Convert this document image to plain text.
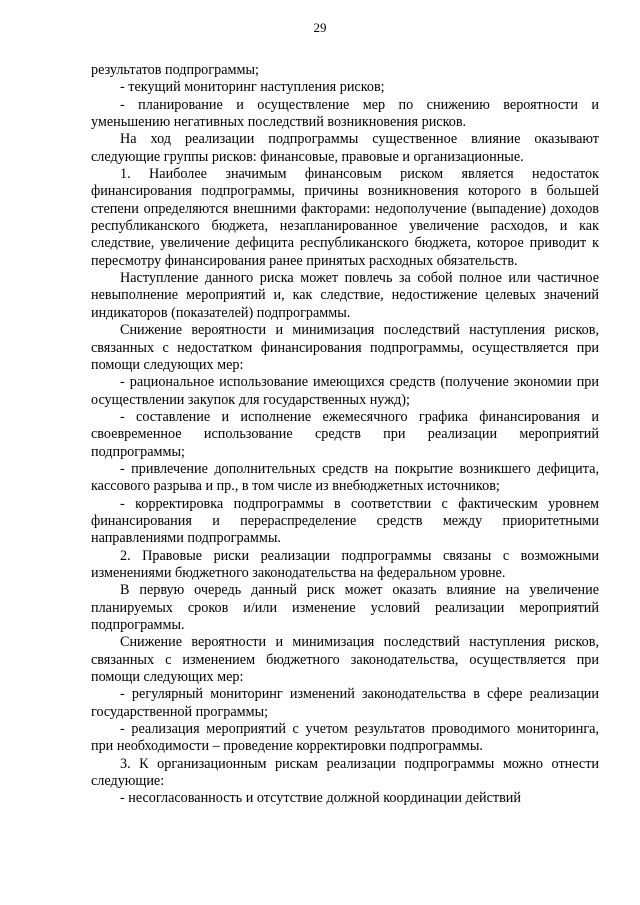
29

результатов подпрограммы;

- текущий мониторинг наступления рисков;

- планирование и осуществление мер по снижению вероятности и уменьшению негативных последствий возникновения рисков.

На ход реализации подпрограммы существенное влияние оказывают следующие группы рисков: финансовые, правовые и организационные.

1. Наиболее значимым финансовым риском является недостаток финансирования подпрограммы, причины возникновения которого в большей степени определяются внешними факторами: недополучение (выпадение) доходов республиканского бюджета, незапланированное увеличение расходов, и как следствие, увеличение дефицита республиканского бюджета, которое приводит к пересмотру финансирования ранее принятых расходных обязательств.

Наступление данного риска может повлечь за собой полное или частичное невыполнение мероприятий и, как следствие, недостижение целевых значений индикаторов (показателей) подпрограммы.

Снижение вероятности и минимизация последствий наступления рисков, связанных с недостатком финансирования подпрограммы, осуществляется при помощи следующих мер:

- рациональное использование имеющихся средств (получение экономии при осуществлении закупок для государственных нужд);

- составление и исполнение ежемесячного графика финансирования и своевременное использование средств при реализации мероприятий подпрограммы;

- привлечение дополнительных средств на покрытие возникшего дефицита, кассового разрыва и пр., в том числе из внебюджетных источников;

- корректировка подпрограммы в соответствии с фактическим уровнем финансирования и перераспределение средств между приоритетными направлениями подпрограммы.

2. Правовые риски реализации подпрограммы связаны с возможными изменениями бюджетного законодательства на федеральном уровне.

В первую очередь данный риск может оказать влияние на увеличение планируемых сроков и/или изменение условий реализации мероприятий подпрограммы.

Снижение вероятности и минимизация последствий наступления рисков, связанных с изменением бюджетного законодательства, осуществляется при помощи следующих мер:

- регулярный мониторинг изменений законодательства в сфере реализации государственной программы;

- реализация мероприятий с учетом результатов проводимого мониторинга, при необходимости – проведение корректировки подпрограммы.

3. К организационным рискам реализации подпрограммы можно отнести следующие:

- несогласованность и отсутствие должной координации действий
